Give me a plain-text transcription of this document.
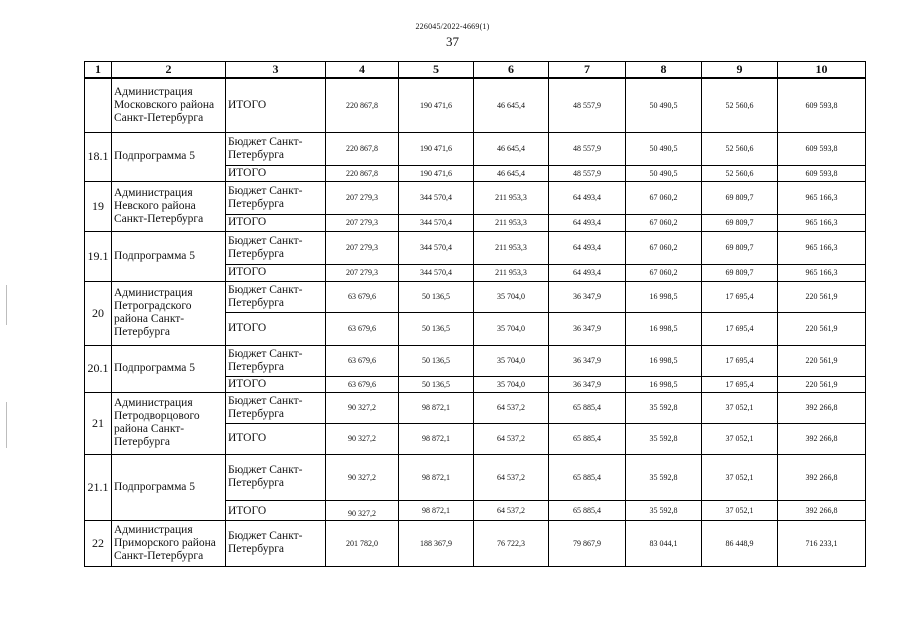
226045/2022-4669(1)
37
1	2	3	4	5	6	7	8	9	10
	Администрация Московского района Санкт-Петербурга	ИТОГО	220 867,8	190 471,6	46 645,4	48 557,9	50 490,5	52 560,6	609 593,8
18.1	Подпрограмма 5	Бюджет Санкт-Петербурга	220 867,8	190 471,6	46 645,4	48 557,9	50 490,5	52 560,6	609 593,8
		ИТОГО	220 867,8	190 471,6	46 645,4	48 557,9	50 490,5	52 560,6	609 593,8
19	Администрация Невского района Санкт-Петербурга	Бюджет Санкт-Петербурга	207 279,3	344 570,4	211 953,3	64 493,4	67 060,2	69 809,7	965 166,3
		ИТОГО	207 279,3	344 570,4	211 953,3	64 493,4	67 060,2	69 809,7	965 166,3
19.1	Подпрограмма 5	Бюджет Санкт-Петербурга	207 279,3	344 570,4	211 953,3	64 493,4	67 060,2	69 809,7	965 166,3
		ИТОГО	207 279,3	344 570,4	211 953,3	64 493,4	67 060,2	69 809,7	965 166,3
20	Администрация Петроградского района Санкт-Петербурга	Бюджет Санкт-Петербурга	63 679,6	50 136,5	35 704,0	36 347,9	16 998,5	17 695,4	220 561,9
		ИТОГО	63 679,6	50 136,5	35 704,0	36 347,9	16 998,5	17 695,4	220 561,9
20.1	Подпрограмма 5	Бюджет Санкт-Петербурга	63 679,6	50 136,5	35 704,0	36 347,9	16 998,5	17 695,4	220 561,9
		ИТОГО	63 679,6	50 136,5	35 704,0	36 347,9	16 998,5	17 695,4	220 561,9
21	Администрация Петродворцового района Санкт-Петербурга	Бюджет Санкт-Петербурга	90 327,2	98 872,1	64 537,2	65 885,4	35 592,8	37 052,1	392 266,8
		ИТОГО	90 327,2	98 872,1	64 537,2	65 885,4	35 592,8	37 052,1	392 266,8
21.1	Подпрограмма 5	Бюджет Санкт-Петербурга	90 327,2	98 872,1	64 537,2	65 885,4	35 592,8	37 052,1	392 266,8
		ИТОГО	90 327,2	98 872,1	64 537,2	65 885,4	35 592,8	37 052,1	392 266,8
22	Администрация Приморского района Санкт-Петербурга	Бюджет Санкт-Петербурга	201 782,0	188 367,9	76 722,3	79 867,9	83 044,1	86 448,9	716 233,1
